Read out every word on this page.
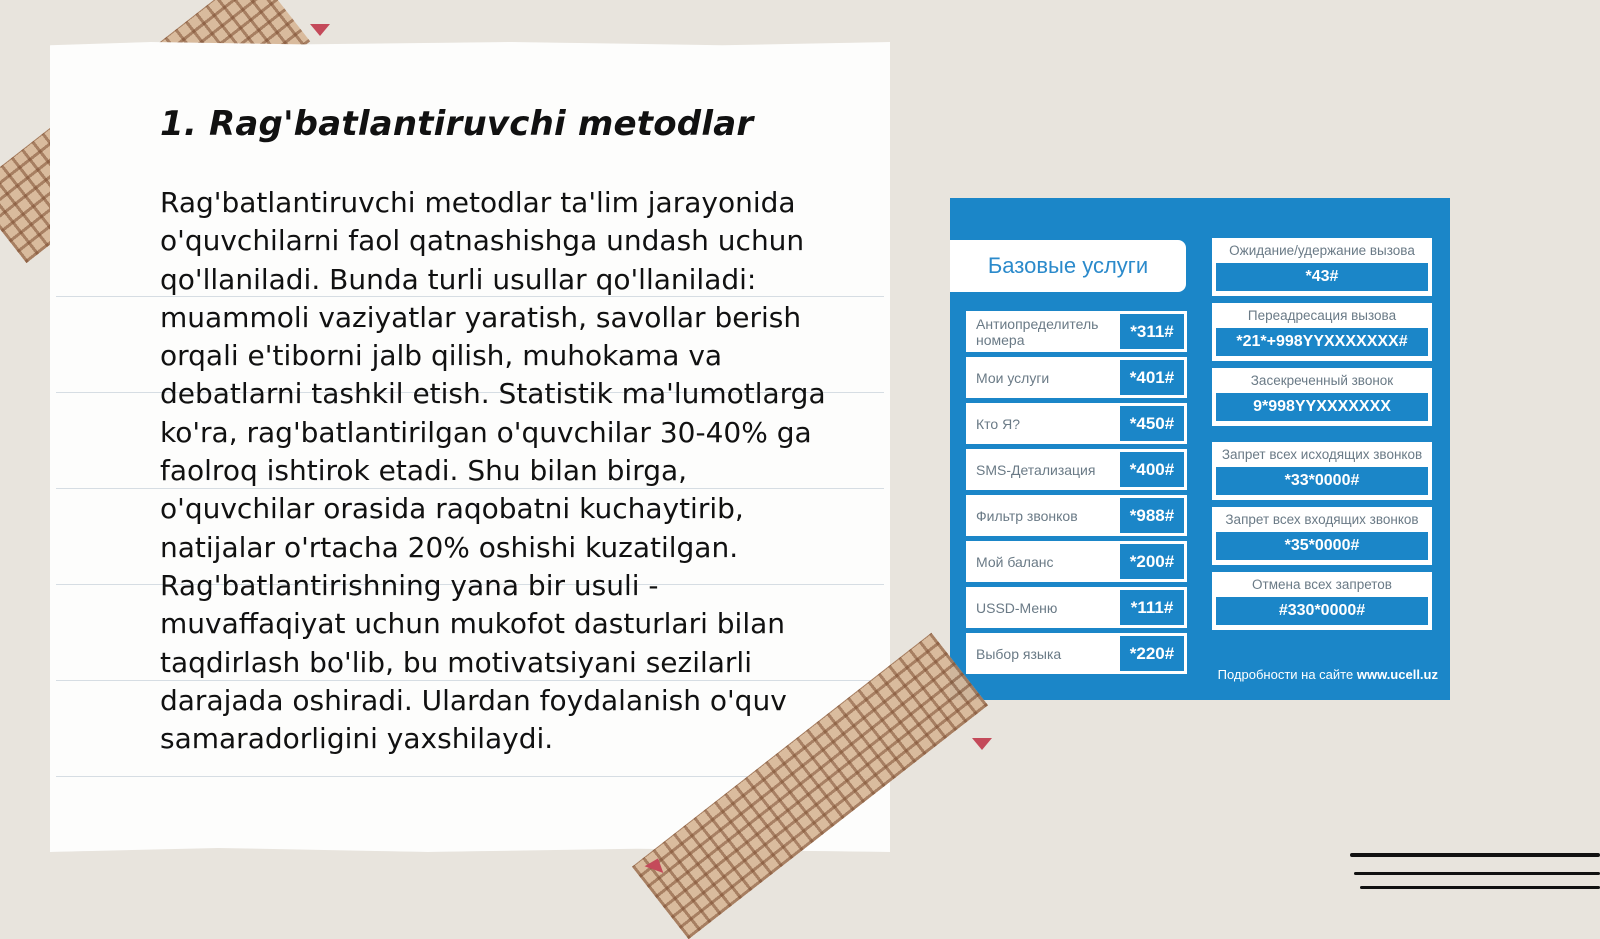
1. Rag'batlantiruvchi metodlar

Rag'batlantiruvchi metodlar ta'lim jarayonida o'quvchilarni faol qatnashishga undash uchun qo'llaniladi. Bunda turli usullar qo'llaniladi: muammoli vaziyatlar yaratish, savollar berish orqali e'tiborni jalb qilish, muhokama va debatlarni tashkil etish. Statistik ma'lumotlarga ko'ra, rag'batlantirilgan o'quvchilar 30-40% ga faolroq ishtirok etadi. Shu bilan birga, o'quvchilar orasida raqobatni kuchaytirib, natijalar o'rtacha 20% oshishi kuzatilgan. Rag'batlantirishning yana bir usuli - muvaffaqiyat uchun mukofot dasturlari bilan taqdirlash bo'lib, bu motivatsiyani sezilarli darajada oshiradi. Ulardan foydalanish o'quv samaradorligini yaxshilaydi.

Базовые услуги
Антиопределитель номера	*311#
Мои услуги	*401#
Кто Я?	*450#
SMS-Детализация	*400#
Фильтр звонков	*988#
Мой баланс	*200#
USSD-Меню	*111#
Выбор языка	*220#
Ожидание/удержание вызова
*43#
Переадресация вызова
*21*+998YYXXXXXXX#
Засекреченный звонок
9*998YYXXXXXXX
Запрет всех исходящих звонков
*33*0000#
Запрет всех входящих звонков
*35*0000#
Отмена всех запретов
#330*0000#
Подробности на сайте www.ucell.uz
